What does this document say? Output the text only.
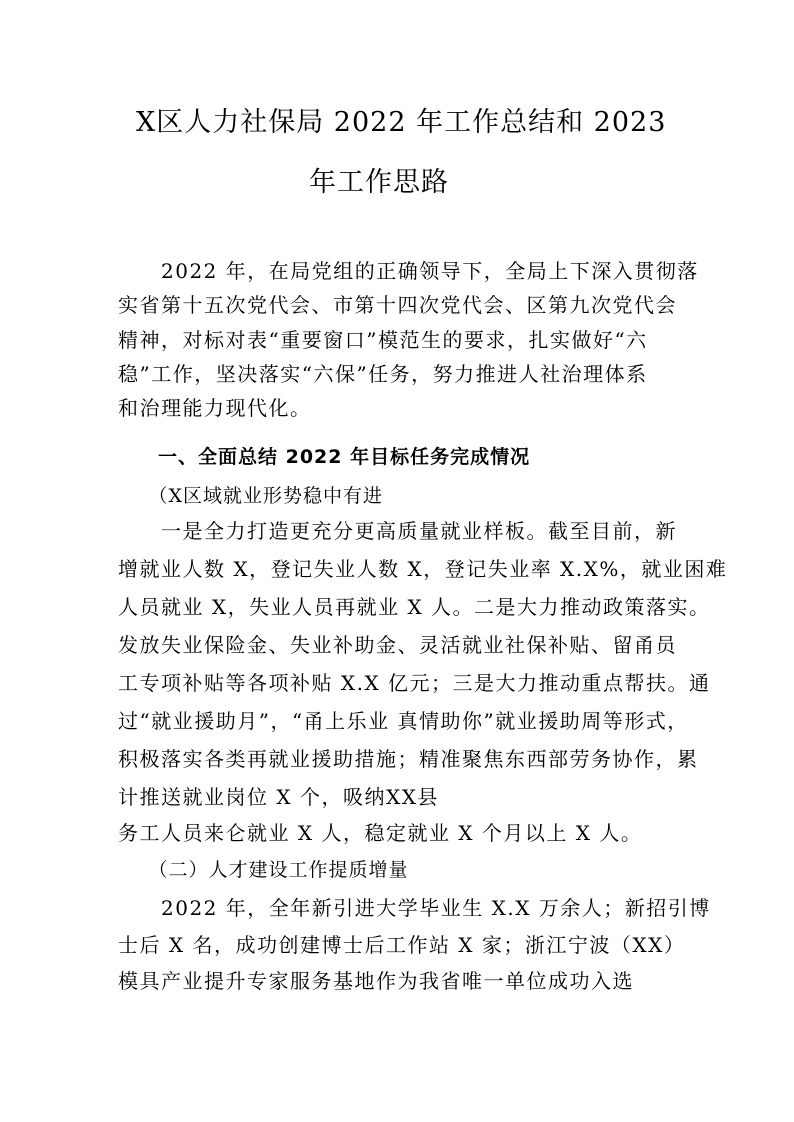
X区人力社保局 2022 年工作总结和 2023
年工作思路
　　2022 年，在局党组的正确领导下，全局上下深入贯彻落
实省第十五次党代会、市第十四次党代会、区第九次党代会
精神，对标对表“重要窗口”模范生的要求，扎实做好“六
稳”工作，坚决落实“六保”任务，努力推进人社治理体系
和治理能力现代化。
　　一、全面总结 2022 年目标任务完成情况
　　（X区域就业形势稳中有进
　　一是全力打造更充分更高质量就业样板。截至目前，新
增就业人数 X，登记失业人数 X，登记失业率 X.X%，就业困难
人员就业 X，失业人员再就业 X 人。二是大力推动政策落实。
发放失业保险金、失业补助金、灵活就业社保补贴、留甬员
工专项补贴等各项补贴 X.X 亿元；三是大力推动重点帮扶。通
过“就业援助月”，“甬上乐业 真情助你”就业援助周等形式，
积极落实各类再就业援助措施；精准聚焦东西部劳务协作，累
计推送就业岗位 X 个，吸纳XX县
务工人员来仑就业 X 人，稳定就业 X 个月以上 X 人。
　　（二）人才建设工作提质增量
　　2022 年，全年新引进大学毕业生 X.X 万余人；新招引博
士后 X 名，成功创建博士后工作站 X 家；浙江宁波（XX）
模具产业提升专家服务基地作为我省唯一单位成功入选
